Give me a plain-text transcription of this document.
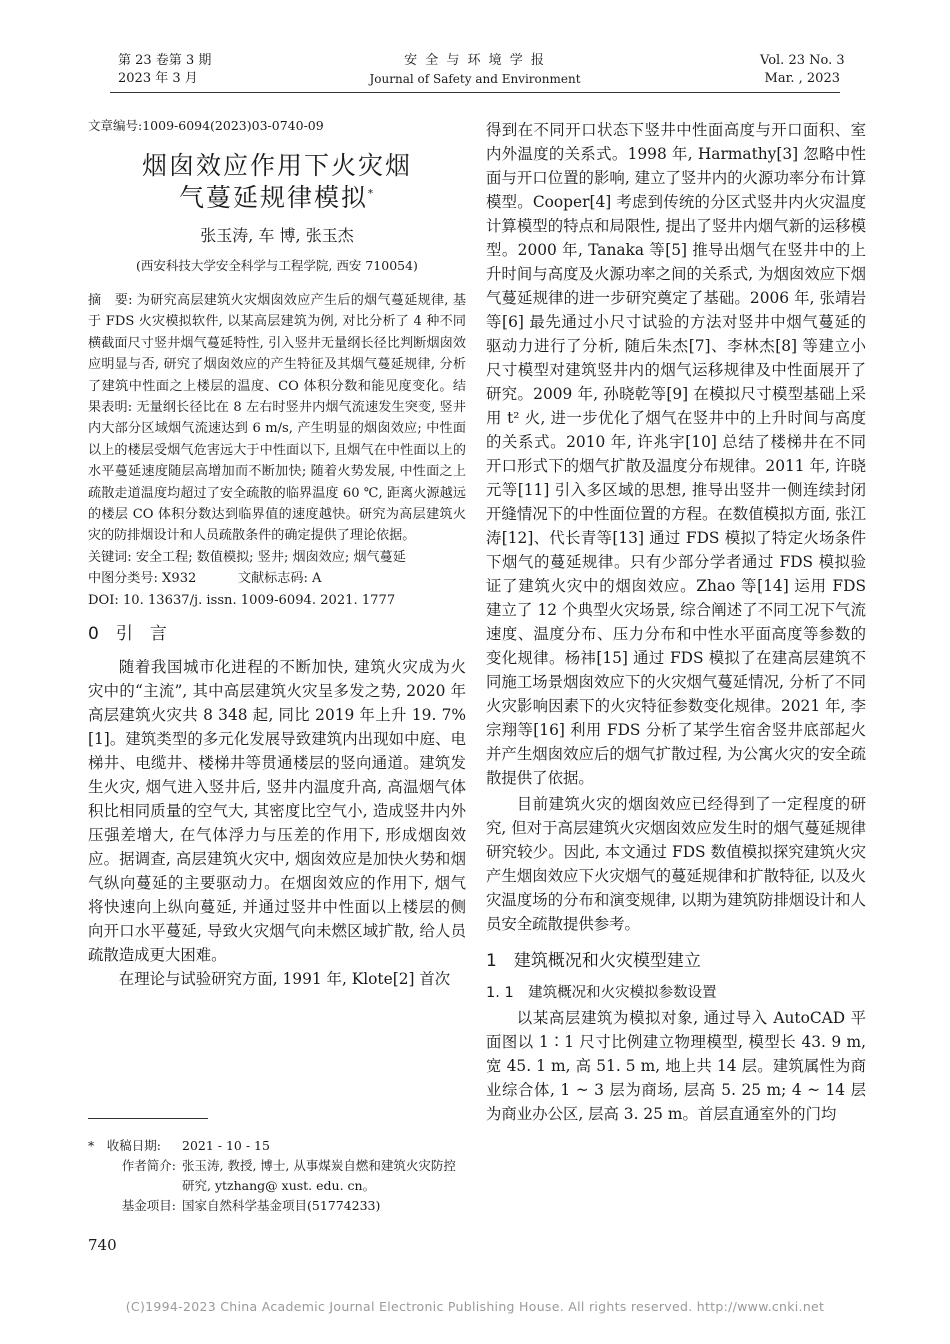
第 23 卷第 3 期
2023 年 3 月
安 全 与 环 境 学 报
Journal of Safety and Environment
Vol. 23 No. 3
Mar. , 2023
文章编号:1009-6094(2023)03-0740-09
烟囱效应作用下火灾烟
气蔓延规律模拟*
张玉涛, 车 博, 张玉杰
(西安科技大学安全科学与工程学院, 西安 710054)

摘　要: 为研究高层建筑火灾烟囱效应产生后的烟气蔓延规律, 基于 FDS 火灾模拟软件, 以某高层建筑为例, 对比分析了 4 种不同横截面尺寸竖井烟气蔓延特性, 引入竖井无量纲长径比判断烟囱效应明显与否, 研究了烟囱效应的产生特征及其烟气蔓延规律, 分析了建筑中性面之上楼层的温度、CO 体积分数和能见度变化。结果表明: 无量纲长径比在 8 左右时竖井内烟气流速发生突变, 竖井内大部分区域烟气流速达到 6 m/s, 产生明显的烟囱效应; 中性面以上的楼层受烟气危害远大于中性面以下, 且烟气在中性面以上的水平蔓延速度随层高增加而不断加快; 随着火势发展, 中性面之上疏散走道温度均超过了安全疏散的临界温度 60 ℃, 距离火源越远的楼层 CO 体积分数达到临界值的速度越快。研究为高层建筑火灾的防排烟设计和人员疏散条件的确定提供了理论依据。

关键词: 安全工程; 数值模拟; 竖井; 烟囱效应; 烟气蔓延

中图分类号: X932	文献标志码: A

DOI: 10. 13637/j. issn. 1009-6094. 2021. 1777

0　引　言

随着我国城市化进程的不断加快, 建筑火灾成为火灾中的“主流”, 其中高层建筑火灾呈多发之势, 2020 年高层建筑火灾共 8 348 起, 同比 2019 年上升 19. 7%[1]。建筑类型的多元化发展导致建筑内出现如中庭、电梯井、电缆井、楼梯井等贯通楼层的竖向通道。建筑发生火灾, 烟气进入竖井后, 竖井内温度升高, 高温烟气体积比相同质量的空气大, 其密度比空气小, 造成竖井内外压强差增大, 在气体浮力与压差的作用下, 形成烟囱效应。据调查, 高层建筑火灾中, 烟囱效应是加快火势和烟气纵向蔓延的主要驱动力。在烟囱效应的作用下, 烟气将快速向上纵向蔓延, 并通过竖井中性面以上楼层的侧向开口水平蔓延, 导致火灾烟气向未燃区域扩散, 给人员疏散造成更大困难。

在理论与试验研究方面, 1991 年, Klote[2] 首次

*　收稿日期:	2021 - 10 - 15
作者简介: 张玉涛, 教授, 博士, 从事煤炭自燃和建筑火灾防控研究, ytzhang@ xust. edu. cn。
基金项目: 国家自然科学基金项目(51774233)
740

得到在不同开口状态下竖井中性面高度与开口面积、室内外温度的关系式。1998 年, Harmathy[3] 忽略中性面与开口位置的影响, 建立了竖井内的火源功率分布计算模型。Cooper[4] 考虑到传统的分区式竖井内火灾温度计算模型的特点和局限性, 提出了竖井内烟气新的运移模型。2000 年, Tanaka 等[5] 推导出烟气在竖井中的上升时间与高度及火源功率之间的关系式, 为烟囱效应下烟气蔓延规律的进一步研究奠定了基础。2006 年, 张靖岩等[6] 最先通过小尺寸试验的方法对竖井中烟气蔓延的驱动力进行了分析, 随后朱杰[7]、李林杰[8] 等建立小尺寸模型对建筑竖井内的烟气运移规律及中性面展开了研究。2009 年, 孙晓乾等[9] 在模拟尺寸模型基础上采用 t² 火, 进一步优化了烟气在竖井中的上升时间与高度的关系式。2010 年, 许兆宇[10] 总结了楼梯井在不同开口形式下的烟气扩散及温度分布规律。2011 年, 许晓元等[11] 引入多区域的思想, 推导出竖井一侧连续封闭开缝情况下的中性面位置的方程。在数值模拟方面, 张江涛[12]、代长青等[13] 通过 FDS 模拟了特定火场条件下烟气的蔓延规律。只有少部分学者通过 FDS 模拟验证了建筑火灾中的烟囱效应。Zhao 等[14] 运用 FDS 建立了 12 个典型火灾场景, 综合阐述了不同工况下气流速度、温度分布、压力分布和中性水平面高度等参数的变化规律。杨祎[15] 通过 FDS 模拟了在建高层建筑不同施工场景烟囱效应下的火灾烟气蔓延情况, 分析了不同火灾影响因素下的火灾特征参数变化规律。2021 年, 李宗翔等[16] 利用 FDS 分析了某学生宿舍竖井底部起火并产生烟囱效应后的烟气扩散过程, 为公寓火灾的安全疏散提供了依据。

目前建筑火灾的烟囱效应已经得到了一定程度的研究, 但对于高层建筑火灾烟囱效应发生时的烟气蔓延规律研究较少。因此, 本文通过 FDS 数值模拟探究建筑火灾产生烟囱效应下火灾烟气的蔓延规律和扩散特征, 以及火灾温度场的分布和演变规律, 以期为建筑防排烟设计和人员安全疏散提供参考。

1　建筑概况和火灾模型建立
1. 1　建筑概况和火灾模拟参数设置

以某高层建筑为模拟对象, 通过导入 AutoCAD 平面图以 1∶1 尺寸比例建立物理模型, 模型长 43. 9 m, 宽 45. 1 m, 高 51. 5 m, 地上共 14 层。建筑属性为商业综合体, 1 ~ 3 层为商场, 层高 5. 25 m; 4 ~ 14 层为商业办公区, 层高 3. 25 m。首层直通室外的门均

(C)1994-2023 China Academic Journal Electronic Publishing House. All rights reserved. http://www.cnki.net
